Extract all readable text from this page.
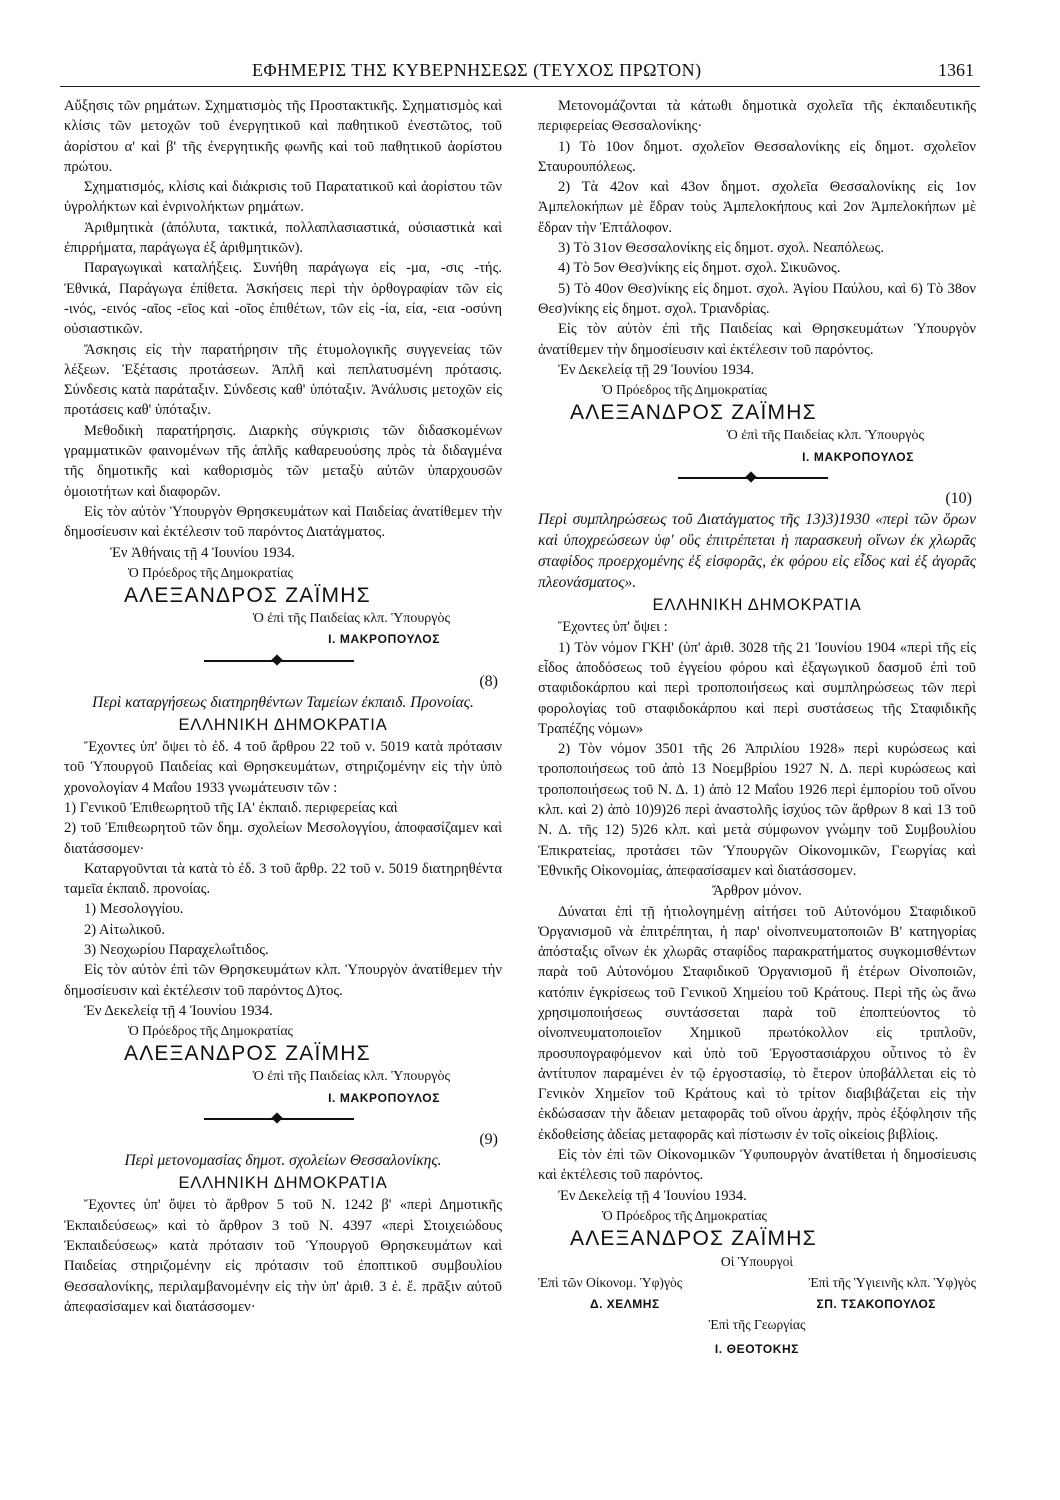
ΕΦΗΜΕΡΙΣ ΤΗΣ ΚΥΒΕΡΝΗΣΕΩΣ (ΤΕΥΧΟΣ ΠΡΩΤΟΝ)	1361

Αὔξησις τῶν ρημάτων. Σχηματισμὸς τῆς Προστακτικῆς. Σχηματισμὸς καὶ κλίσις τῶν μετοχῶν τοῦ ἐνεργητικοῦ καὶ παθητικοῦ ἐνεστῶτος, τοῦ ἀορίστου α' καὶ β' τῆς ἐνεργητικῆς φωνῆς καὶ τοῦ παθητικοῦ ἀορίστου πρώτου.

Σχηματισμός, κλίσις καὶ διάκρισις τοῦ Παρατατικοῦ καὶ ἀορίστου τῶν ὑγρολήκτων καὶ ἐνρινολήκτων ρημάτων.

Ἀριθμητικὰ (ἀπόλυτα, τακτικά, πολλαπλασιαστικά, οὐσιαστικὰ καὶ ἐπιρρήματα, παράγωγα ἐξ ἀριθμητικῶν).

Παραγωγικαὶ καταλήξεις. Συνήθη παράγωγα εἰς -μα, -σις -τής. Ἐθνικά, Παράγωγα ἐπίθετα. Ἀσκήσεις περὶ τὴν ὀρθογραφίαν τῶν εἰς -ινός, -εινός -αῖος -εῖος καὶ -οῖος ἐπιθέτων, τῶν εἰς -ία, εία, -εια -οσύνη οὐσιαστικῶν.

Ἄσκησις εἰς τὴν παρατήρησιν τῆς ἐτυμολογικῆς συγγενείας τῶν λέξεων. Ἐξέτασις προτάσεων. Ἁπλῆ καὶ πεπλατυσμένη πρότασις. Σύνδεσις κατὰ παράταξιν. Σύνδεσις καθ' ὑπόταξιν. Ἀνάλυσις μετοχῶν εἰς προτάσεις καθ' ὑπόταξιν.

Μεθοδικὴ παρατήρησις. Διαρκὴς σύγκρισις τῶν διδασκομένων γραμματικῶν φαινομένων τῆς ἁπλῆς καθαρευούσης πρὸς τὰ διδαγμένα τῆς δημοτικῆς καὶ καθορισμὸς τῶν μεταξὺ αὐτῶν ὑπαρχουσῶν ὁμοιοτήτων καὶ διαφορῶν.

Εἰς τὸν αὐτὸν Ὑπουργὸν Θρησκευμάτων καὶ Παιδείας ἀνατίθεμεν τὴν δημοσίευσιν καὶ ἐκτέλεσιν τοῦ παρόντος Διατάγματος.

Ἐν Ἀθήναις τῇ 4 Ἰουνίου 1934.

Ὁ Πρόεδρος τῆς Δημοκρατίας

ΑΛΕΞΑΝΔΡΟΣ ΖΑΪΜΗΣ

Ὁ ἐπὶ τῆς Παιδείας κλπ. Ὑπουργὸς

Ι. ΜΑΚΡΟΠΟΥΛΟΣ

(8)

Περὶ καταργήσεως διατηρηθέντων Ταμείων ἐκπαιδ. Προνοίας.

ΕΛΛΗΝΙΚΗ ΔΗΜΟΚΡΑΤΙΑ

Ἔχοντες ὑπ' ὄψει τὸ ἐδ. 4 τοῦ ἄρθρου 22 τοῦ ν. 5019 κατὰ πρότασιν τοῦ Ὑπουργοῦ Παιδείας καὶ Θρησκευμάτων, στηριζομένην εἰς τὴν ὑπὸ χρονολογίαν 4 Μαΐου 1933 γνωμάτευσιν τῶν :

1) Γενικοῦ Ἐπιθεωρητοῦ τῆς ΙΑ' ἐκπαιδ. περιφερείας καὶ

2) τοῦ Ἐπιθεωρητοῦ τῶν δημ. σχολείων Μεσολογγίου, ἀποφασίζαμεν καὶ διατάσσομεν·

Καταργοῦνται τὰ κατὰ τὸ ἐδ. 3 τοῦ ἄρθρ. 22 τοῦ ν. 5019 διατηρηθέντα ταμεῖα ἐκπαιδ. προνοίας.

1) Μεσολογγίου.

2) Αἰτωλικοῦ.

3) Νεοχωρίου Παραχελωΐτιδος.

Εἰς τὸν αὐτὸν ἐπὶ τῶν Θρησκευμάτων κλπ. Ὑπουργὸν ἀνατίθεμεν τὴν δημοσίευσιν καὶ ἐκτέλεσιν τοῦ παρόντος Δ)τος.

Ἐν Δεκελείᾳ τῇ 4 Ἰουνίου 1934.

Ὁ Πρόεδρος τῆς Δημοκρατίας

ΑΛΕΞΑΝΔΡΟΣ ΖΑΪΜΗΣ

Ὁ ἐπὶ τῆς Παιδείας κλπ. Ὑπουργὸς

Ι. ΜΑΚΡΟΠΟΥΛΟΣ

(9)

Περὶ μετονομασίας δημοτ. σχολείων Θεσσαλονίκης.

ΕΛΛΗΝΙΚΗ ΔΗΜΟΚΡΑΤΙΑ

Ἔχοντες ὑπ' ὄψει τὸ ἄρθρον 5 τοῦ Ν. 1242 β' «περὶ Δημοτικῆς Ἐκπαιδεύσεως» καὶ τὸ ἄρθρον 3 τοῦ Ν. 4397 «περὶ Στοιχειώδους Ἐκπαιδεύσεως» κατὰ πρότασιν τοῦ Ὑπουργοῦ Θρησκευμάτων καὶ Παιδείας στηριζομένην εἰς πρότασιν τοῦ ἐποπτικοῦ συμβουλίου Θεσσαλονίκης, περιλαμβανομένην εἰς τὴν ὑπ' ἀριθ. 3 ἐ. ἔ. πρᾶξιν αὐτοῦ ἀπεφασίσαμεν καὶ διατάσσομεν·

Μετονομάζονται τὰ κάτωθι δημοτικὰ σχολεῖα τῆς ἐκπαιδευτικῆς περιφερείας Θεσσαλονίκης·

1) Τὸ 10ον δημοτ. σχολεῖον Θεσσαλονίκης εἰς δημοτ. σχολεῖον Σταυρουπόλεως.

2) Τὰ 42ον καὶ 43ον δημοτ. σχολεῖα Θεσσαλονίκης εἰς 1ον Ἀμπελοκήπων μὲ ἕδραν τοὺς Ἀμπελοκήπους καὶ 2ον Ἀμπελοκήπων μὲ ἕδραν τὴν Ἑπτάλοφον.

3) Τὸ 31ον Θεσσαλονίκης εἰς δημοτ. σχολ. Νεαπόλεως.

4) Τὸ 5ον Θεσ)νίκης εἰς δημοτ. σχολ. Σικυῶνος.

5) Τὸ 40ον Θεσ)νίκης εἰς δημοτ. σχολ. Ἁγίου Παύλου, καὶ 6) Τὸ 38ον Θεσ)νίκης εἰς δημοτ. σχολ. Τριανδρίας.

Εἰς τὸν αὐτὸν ἐπὶ τῆς Παιδείας καὶ Θρησκευμάτων Ὑπουργὸν ἀνατίθεμεν τὴν δημοσίευσιν καὶ ἐκτέλεσιν τοῦ παρόντος.

Ἐν Δεκελείᾳ τῇ 29 Ἰουνίου 1934.

Ὁ Πρόεδρος τῆς Δημοκρατίας

ΑΛΕΞΑΝΔΡΟΣ ΖΑΪΜΗΣ

Ὁ ἐπὶ τῆς Παιδείας κλπ. Ὑπουργὸς

Ι. ΜΑΚΡΟΠΟΥΛΟΣ

(10)

Περὶ συμπληρώσεως τοῦ Διατάγματος τῆς 13)3)1930 «περὶ τῶν ὅρων καὶ ὑποχρεώσεων ὑφ' οὓς ἐπιτρέπεται ἡ παρασκευὴ οἴνων ἐκ χλωρᾶς σταφίδος προερχομένης ἐξ εἰσφορᾶς, ἐκ φόρου εἰς εἶδος καὶ ἐξ ἀγορᾶς πλεονάσματος».

ΕΛΛΗΝΙΚΗ ΔΗΜΟΚΡΑΤΙΑ

Ἔχοντες ὑπ' ὄψει :

1) Τὸν νόμον ΓΚΗ' (ὑπ' ἀριθ. 3028 τῆς 21 Ἰουνίου 1904 «περὶ τῆς εἰς εἶδος ἀποδόσεως τοῦ ἐγγείου φόρου καὶ ἐξαγωγικοῦ δασμοῦ ἐπὶ τοῦ σταφιδοκάρπου καὶ περὶ τροποποιήσεως καὶ συμπληρώσεως τῶν περὶ φορολογίας τοῦ σταφιδοκάρπου καὶ περὶ συστάσεως τῆς Σταφιδικῆς Τραπέζης νόμων»

2) Τὸν νόμον 3501 τῆς 26 Ἀπριλίου 1928» περὶ κυρώσεως καὶ τροποποιήσεως τοῦ ἀπὸ 13 Νοεμβρίου 1927 Ν. Δ. περὶ κυρώσεως καὶ τροποποιήσεως τοῦ Ν. Δ. 1) ἀπὸ 12 Μαΐου 1926 περὶ ἐμπορίου τοῦ οἴνου κλπ. καὶ 2) ἀπὸ 10)9)26 περὶ ἀναστολῆς ἰσχύος τῶν ἄρθρων 8 καὶ 13 τοῦ Ν. Δ. τῆς 12) 5)26 κλπ. καὶ μετὰ σύμφωνον γνώμην τοῦ Συμβουλίου Ἐπικρατείας, προτάσει τῶν Ὑπουργῶν Οἰκονομικῶν, Γεωργίας καὶ Ἐθνικῆς Οἰκονομίας, ἀπεφασίσαμεν καὶ διατάσσομεν.

Ἄρθρον μόνον.

Δύναται ἐπὶ τῇ ἠτιολογημένῃ αἰτήσει τοῦ Αὐτονόμου Σταφιδικοῦ Ὀργανισμοῦ νὰ ἐπιτρέπηται, ἡ παρ' οἰνοπνευματοποιῶν Β' κατηγορίας ἀπόσταξις οἴνων ἐκ χλωρᾶς σταφίδος παρακρατήματος συγκομισθέντων παρὰ τοῦ Αὐτονόμου Σταφιδικοῦ Ὀργανισμοῦ ἢ ἑτέρων Οἰνοποιῶν, κατόπιν ἐγκρίσεως τοῦ Γενικοῦ Χημείου τοῦ Κράτους. Περὶ τῆς ὡς ἄνω χρησιμοποιήσεως συντάσσεται παρὰ τοῦ ἐποπτεύοντος τὸ οἰνοπνευματοποιεῖον Χημικοῦ πρωτόκολλον εἰς τριπλοῦν, προσυπογραφόμενον καὶ ὑπὸ τοῦ Ἐργοστασιάρχου οὗτινος τὸ ἓν ἀντίτυπον παραμένει ἐν τῷ ἐργοστασίῳ, τὸ ἕτερον ὑποβάλλεται εἰς τὸ Γενικὸν Χημεῖον τοῦ Κράτους καὶ τὸ τρίτον διαβιβάζεται εἰς τὴν ἐκδώσασαν τὴν ἄδειαν μεταφορᾶς τοῦ οἴνου ἀρχήν, πρὸς ἐξόφλησιν τῆς ἐκδοθείσης ἀδείας μεταφορᾶς καὶ πίστωσιν ἐν τοῖς οἰκείοις βιβλίοις.

Εἰς τὸν ἐπὶ τῶν Οἰκονομικῶν Ὑφυπουργὸν ἀνατίθεται ἡ δημοσίευσις καὶ ἐκτέλεσις τοῦ παρόντος.

Ἐν Δεκελείᾳ τῇ 4 Ἰουνίου 1934.

Ὁ Πρόεδρος τῆς Δημοκρατίας

ΑΛΕΞΑΝΔΡΟΣ ΖΑΪΜΗΣ

Οἱ Ὑπουργοὶ

Ἐπὶ τῶν Οἰκονομ. Ὑφ)γὸς	Ἐπὶ τῆς Ὑγιεινῆς κλπ. Ὑφ)γὸς
Δ. ΧΕΛΜΗΣ	ΣΠ. ΤΣΑΚΟΠΟΥΛΟΣ
Ἐπὶ τῆς Γεωργίας

Ι. ΘΕΟΤΟΚΗΣ
